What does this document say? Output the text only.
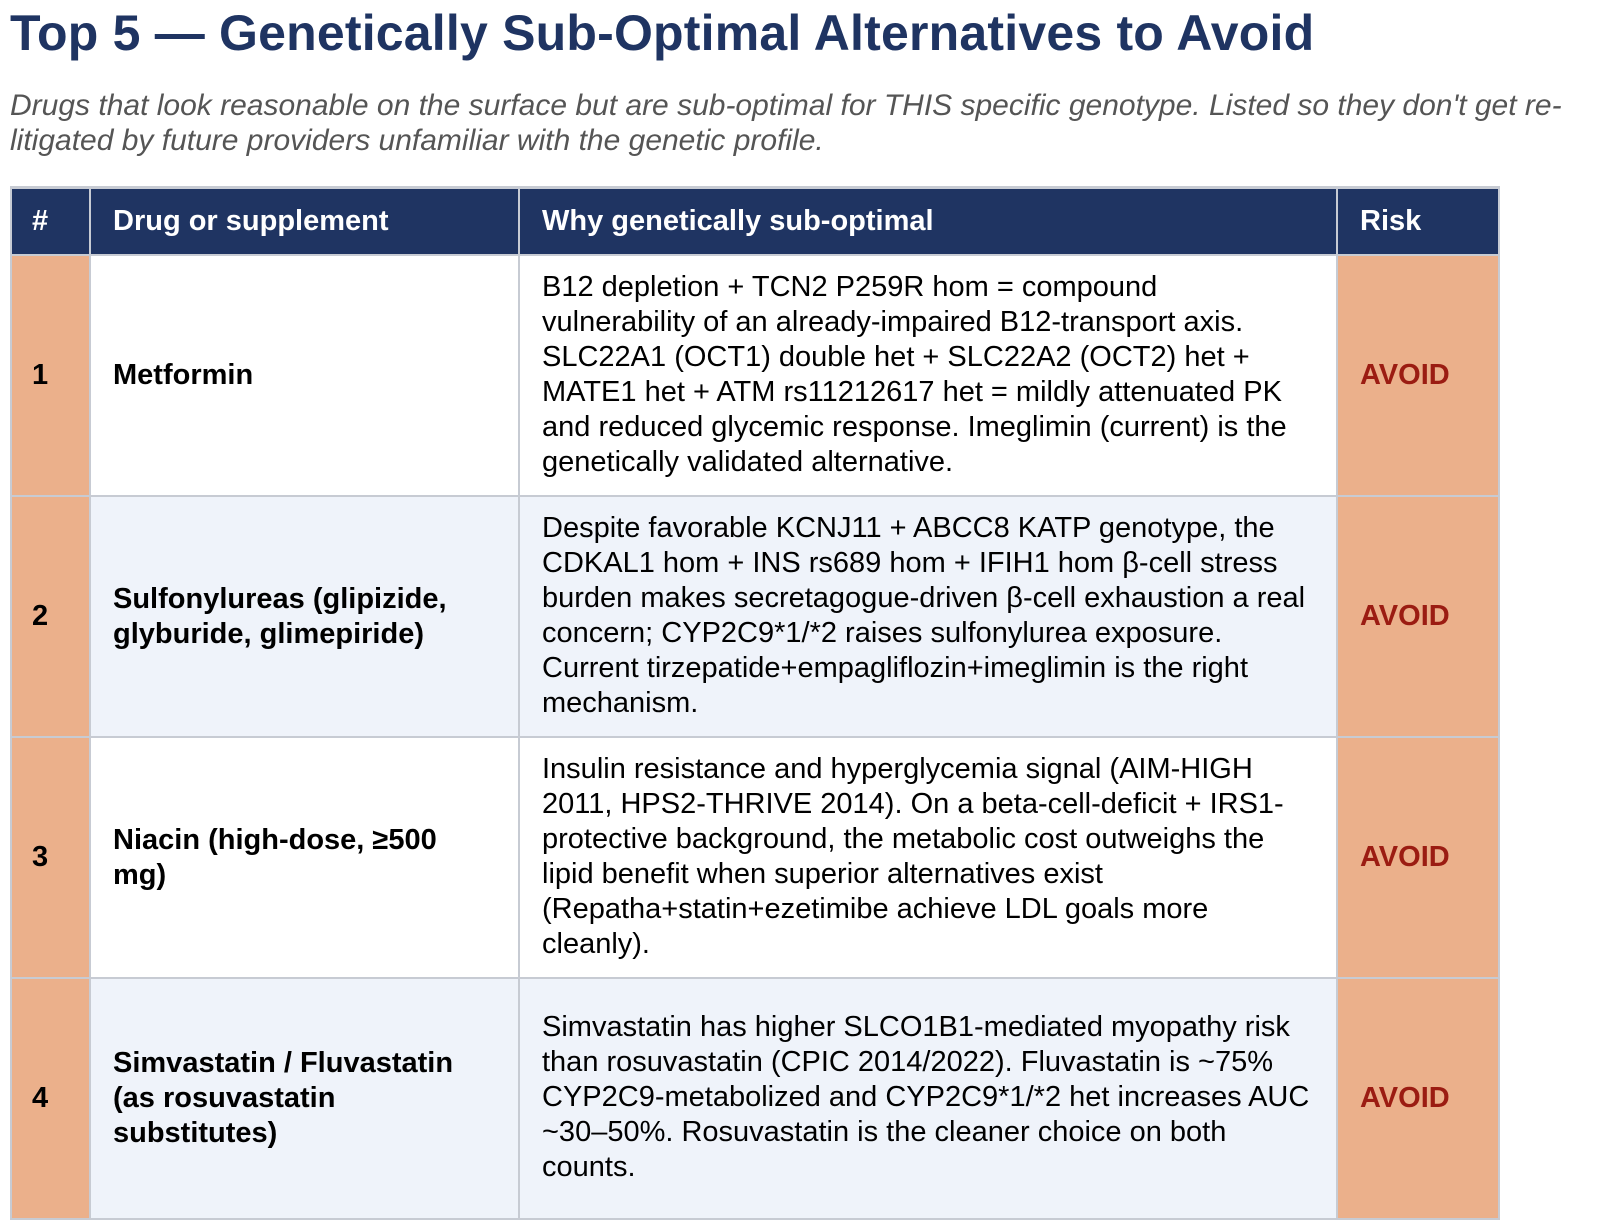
Top 5 — Genetically Sub-Optimal Alternatives to Avoid
Drugs that look reasonable on the surface but are sub-optimal for THIS specific genotype. Listed so they don't get re-litigated by future providers unfamiliar with the genetic profile.
#	Drug or supplement	Why genetically sub-optimal	Risk
1	Metformin	B12 depletion + TCN2 P259R hom = compound vulnerability of an already-impaired B12-transport axis. SLC22A1 (OCT1) double het + SLC22A2 (OCT2) het + MATE1 het + ATM rs11212617 het = mildly attenuated PK and reduced glycemic response. Imeglimin (current) is the genetically validated alternative.	AVOID
2	Sulfonylureas (glipizide, glyburide, glimepiride)	Despite favorable KCNJ11 + ABCC8 KATP genotype, the CDKAL1 hom + INS rs689 hom + IFIH1 hom β-cell stress burden makes secretagogue-driven β-cell exhaustion a real concern; CYP2C9*1/*2 raises sulfonylurea exposure. Current tirzepatide+empagliflozin+imeglimin is the right mechanism.	AVOID
3	Niacin (high-dose, ≥500 mg)	Insulin resistance and hyperglycemia signal (AIM-HIGH 2011, HPS2-THRIVE 2014). On a beta-cell-deficit + IRS1-protective background, the metabolic cost outweighs the lipid benefit when superior alternatives exist (Repatha+statin+ezetimibe achieve LDL goals more cleanly).	AVOID
4	Simvastatin / Fluvastatin (as rosuvastatin substitutes)	Simvastatin has higher SLCO1B1-mediated myopathy risk than rosuvastatin (CPIC 2014/2022). Fluvastatin is ~75% CYP2C9-metabolized and CYP2C9*1/*2 het increases AUC ~30–50%. Rosuvastatin is the cleaner choice on both counts.	AVOID
